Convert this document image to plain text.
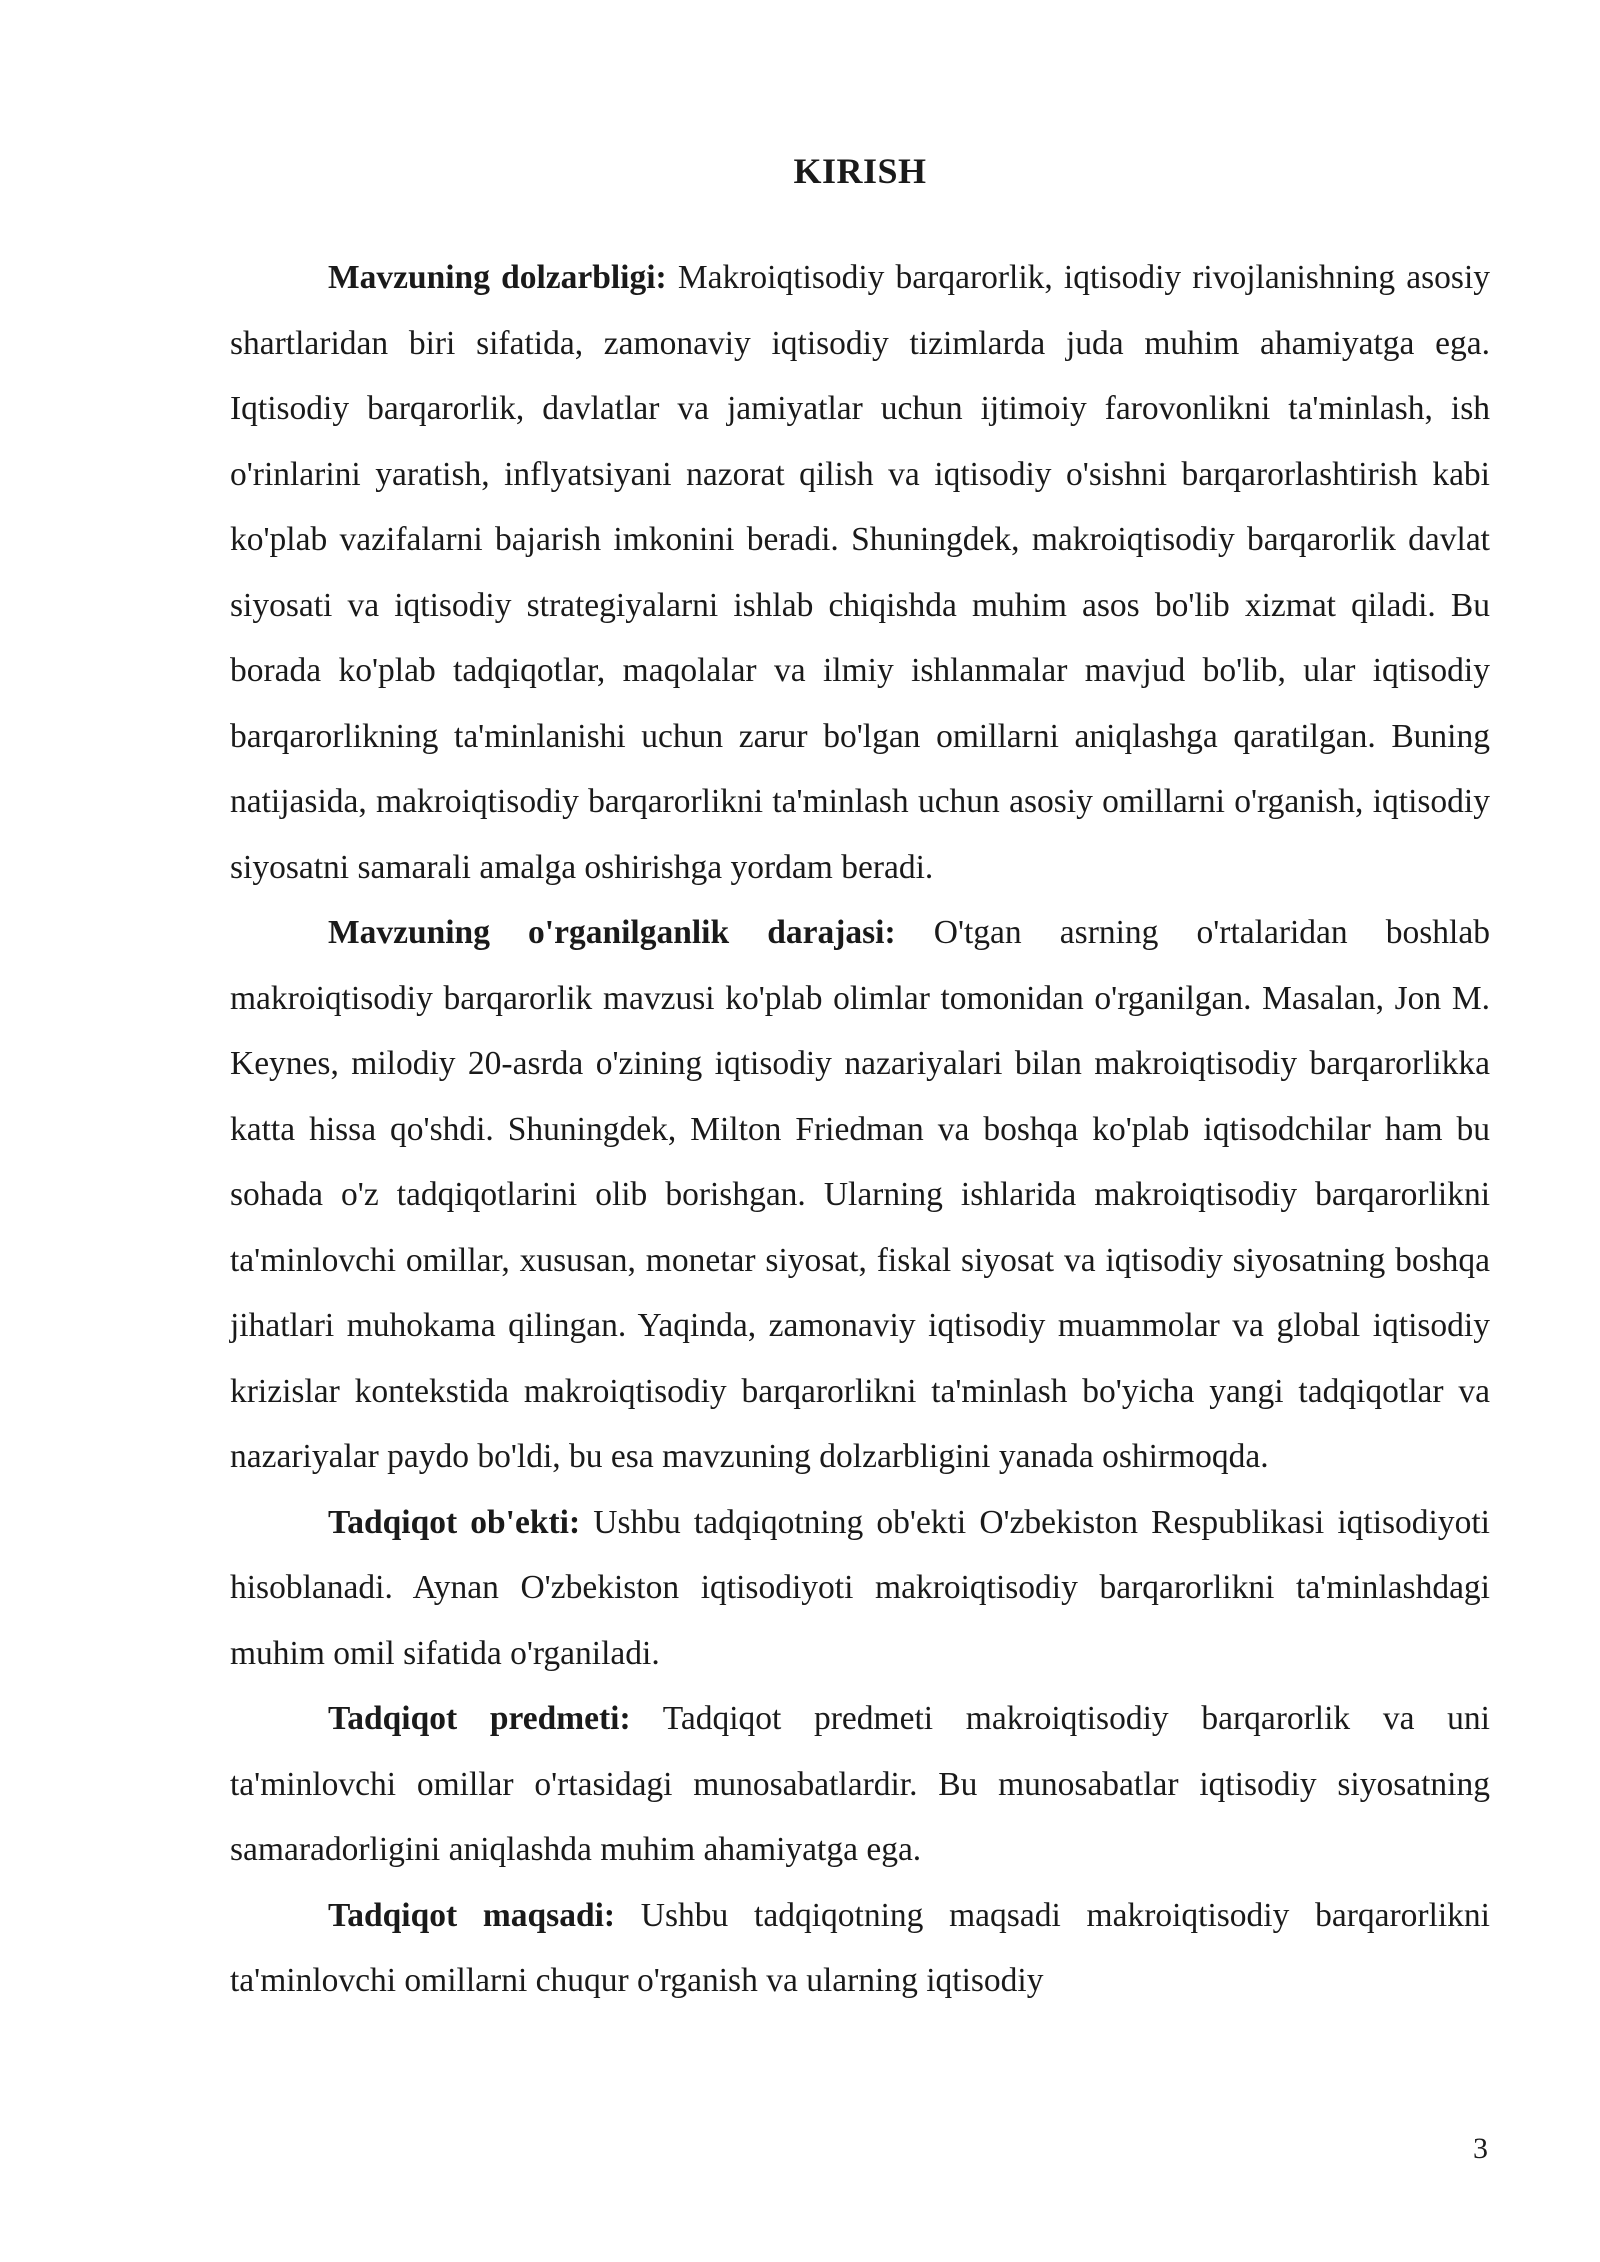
KIRISH

Mavzuning dolzarbligi: Makroiqtisodiy barqarorlik, iqtisodiy rivojlanishning asosiy shartlaridan biri sifatida, zamonaviy iqtisodiy tizimlarda juda muhim ahamiyatga ega. Iqtisodiy barqarorlik, davlatlar va jamiyatlar uchun ijtimoiy farovonlikni ta'minlash, ish o'rinlarini yaratish, inflyatsiyani nazorat qilish va iqtisodiy o'sishni barqarorlashtirish kabi ko'plab vazifalarni bajarish imkonini beradi. Shuningdek, makroiqtisodiy barqarorlik davlat siyosati va iqtisodiy strategiyalarni ishlab chiqishda muhim asos bo'lib xizmat qiladi. Bu borada ko'plab tadqiqotlar, maqolalar va ilmiy ishlanmalar mavjud bo'lib, ular iqtisodiy barqarorlikning ta'minlanishi uchun zarur bo'lgan omillarni aniqlashga qaratilgan. Buning natijasida, makroiqtisodiy barqarorlikni ta'minlash uchun asosiy omillarni o'rganish, iqtisodiy siyosatni samarali amalga oshirishga yordam beradi.

Mavzuning o'rganilganlik darajasi: O'tgan asrning o'rtalaridan boshlab makroiqtisodiy barqarorlik mavzusi ko'plab olimlar tomonidan o'rganilgan. Masalan, Jon M. Keynes, milodiy 20-asrda o'zining iqtisodiy nazariyalari bilan makroiqtisodiy barqarorlikka katta hissa qo'shdi. Shuningdek, Milton Friedman va boshqa ko'plab iqtisodchilar ham bu sohada o'z tadqiqotlarini olib borishgan. Ularning ishlarida makroiqtisodiy barqarorlikni ta'minlovchi omillar, xususan, monetar siyosat, fiskal siyosat va iqtisodiy siyosatning boshqa jihatlari muhokama qilingan. Yaqinda, zamonaviy iqtisodiy muammolar va global iqtisodiy krizislar kontekstida makroiqtisodiy barqarorlikni ta'minlash bo'yicha yangi tadqiqotlar va nazariyalar paydo bo'ldi, bu esa mavzuning dolzarbligini yanada oshirmoqda.

Tadqiqot ob'ekti: Ushbu tadqiqotning ob'ekti O'zbekiston Respublikasi iqtisodiyoti hisoblanadi. Aynan O'zbekiston iqtisodiyoti makroiqtisodiy barqarorlikni ta'minlashdagi muhim omil sifatida o'rganiladi.

Tadqiqot predmeti: Tadqiqot predmeti makroiqtisodiy barqarorlik va uni ta'minlovchi omillar o'rtasidagi munosabatlardir. Bu munosabatlar iqtisodiy siyosatning samaradorligini aniqlashda muhim ahamiyatga ega.

Tadqiqot maqsadi: Ushbu tadqiqotning maqsadi makroiqtisodiy barqarorlikni ta'minlovchi omillarni chuqur o'rganish va ularning iqtisodiy

3
